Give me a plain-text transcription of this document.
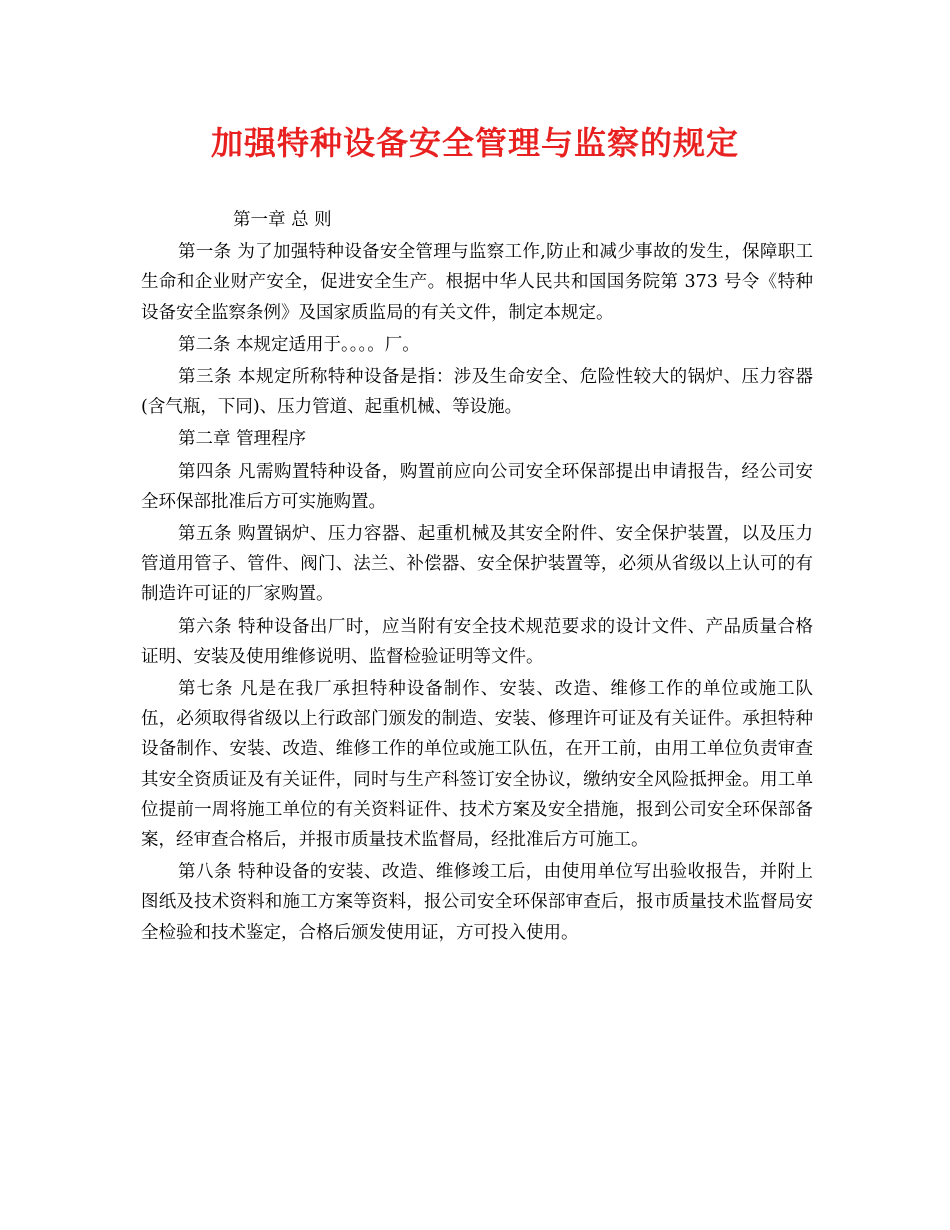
加强特种设备安全管理与监察的规定

第一章 总 则

第一条 为了加强特种设备安全管理与监察工作,防止和减少事故的发生，保障职工生命和企业财产安全，促进安全生产。根据中华人民共和国国务院第 373 号令《特种设备安全监察条例》及国家质监局的有关文件，制定本规定。

第二条 本规定适用于。。。。厂。

第三条 本规定所称特种设备是指：涉及生命安全、危险性较大的锅炉、压力容器(含气瓶，下同)、压力管道、起重机械、等设施。

第二章 管理程序

第四条 凡需购置特种设备，购置前应向公司安全环保部提出申请报告，经公司安全环保部批准后方可实施购置。

第五条 购置锅炉、压力容器、起重机械及其安全附件、安全保护装置，以及压力管道用管子、管件、阀门、法兰、补偿器、安全保护装置等，必须从省级以上认可的有制造许可证的厂家购置。

第六条 特种设备出厂时，应当附有安全技术规范要求的设计文件、产品质量合格证明、安装及使用维修说明、监督检验证明等文件。

第七条 凡是在我厂承担特种设备制作、安装、改造、维修工作的单位或施工队伍，必须取得省级以上行政部门颁发的制造、安装、修理许可证及有关证件。承担特种设备制作、安装、改造、维修工作的单位或施工队伍，在开工前，由用工单位负责审查其安全资质证及有关证件，同时与生产科签订安全协议，缴纳安全风险抵押金。用工单位提前一周将施工单位的有关资料证件、技术方案及安全措施，报到公司安全环保部备案，经审查合格后，并报市质量技术监督局，经批准后方可施工。

第八条 特种设备的安装、改造、维修竣工后，由使用单位写出验收报告，并附上图纸及技术资料和施工方案等资料，报公司安全环保部审查后，报市质量技术监督局安全检验和技术鉴定，合格后颁发使用证，方可投入使用。
